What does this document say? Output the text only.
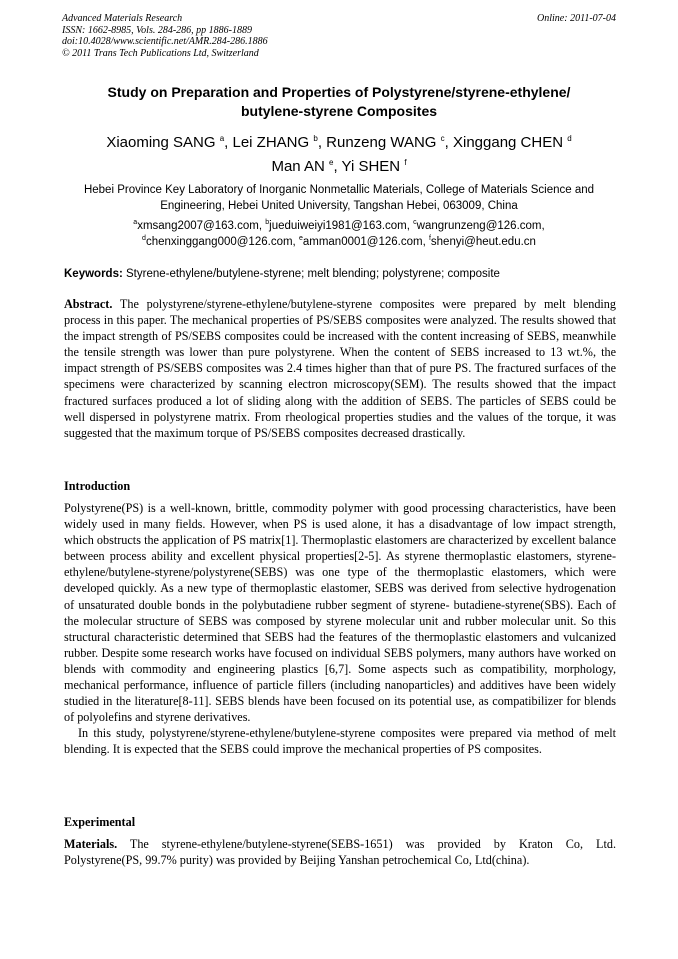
Advanced Materials Research
ISSN: 1662-8985, Vols. 284-286, pp 1886-1889
doi:10.4028/www.scientific.net/AMR.284-286.1886
© 2011 Trans Tech Publications Ltd, Switzerland
Online: 2011-07-04
Study on Preparation and Properties of Polystyrene/styrene-ethylene/
butylene-styrene Composites
Xiaoming SANG $^a$, Lei ZHANG $^b$, Runzeng WANG $^c$, Xinggang CHEN $^d$
Man AN $^e$, Yi SHEN $^f$
Hebei Province Key Laboratory of Inorganic Nonmetallic Materials, College of Materials Science and
Engineering, Hebei United University, Tangshan Hebei, 063009, China
$^a$xmsang2007@163.com, $^b$jueduiweiyi1981@163.com, $^c$wangrunzeng@126.com,
$^d$chenxinggang000@126.com, $^e$amman0001@126.com, $^f$shenyi@heut.edu.cn
Keywords: Styrene-ethylene/butylene-styrene; melt blending; polystyrene; composite
Abstract. The polystyrene/styrene-ethylene/butylene-styrene composites were prepared by melt blending process in this paper. The mechanical properties of PS/SEBS composites were analyzed. The results showed that the impact strength of PS/SEBS composites could be increased with the content increasing of SEBS, meanwhile the tensile strength was lower than pure polystyrene. When the content of SEBS increased to 13 wt.%, the impact strength of PS/SEBS composites was 2.4 times higher than that of pure PS. The fractured surfaces of the specimens were characterized by scanning electron microscopy(SEM). The results showed that the impact fractured surfaces produced a lot of sliding along with the addition of SEBS. The particles of SEBS could be well dispersed in polystyrene matrix. From rheological properties studies and the values of the torque, it was suggested that the maximum torque of PS/SEBS composites decreased drastically.
Introduction

Polystyrene(PS) is a well-known, brittle, commodity polymer with good processing characteristics, have been widely used in many fields. However, when PS is used alone, it has a disadvantage of low impact strength, which obstructs the application of PS matrix[1]. Thermoplastic elastomers are characterized by excellent balance between process ability and excellent physical properties[2-5]. As styrene thermoplastic elastomers, styrene- ethylene/butylene-styrene/polystyrene(SEBS) was one type of the thermoplastic elastomers, which were developed quickly. As a new type of thermoplastic elastomer, SEBS was derived from selective hydrogenation of unsaturated double bonds in the polybutadiene rubber segment of styrene- butadiene-styrene(SBS). Each of the molecular structure of SEBS was composed by styrene molecular unit and rubber molecular unit. So this structural characteristic determined that SEBS had the features of the thermoplastic elastomers and vulcanized rubber. Despite some research works have focused on individual SEBS polymers, many authors have worked on blends with commodity and engineering plastics [6,7]. Some aspects such as compatibility, morphology, mechanical performance, influence of particle fillers (including nanoparticles) and additives have been widely studied in the literature[8-11]. SEBS blends have been focused on its potential use, as compatibilizer for blends of polyolefins and styrene derivatives.

In this study, polystyrene/styrene-ethylene/butylene-styrene composites were prepared via method of melt blending. It is expected that the SEBS could improve the mechanical properties of PS composites.

Experimental
Materials. The styrene-ethylene/butylene-styrene(SEBS-1651) was provided by Kraton Co, Ltd. Polystyrene(PS, 99.7% purity) was provided by Beijing Yanshan petrochemical Co, Ltd(china).
